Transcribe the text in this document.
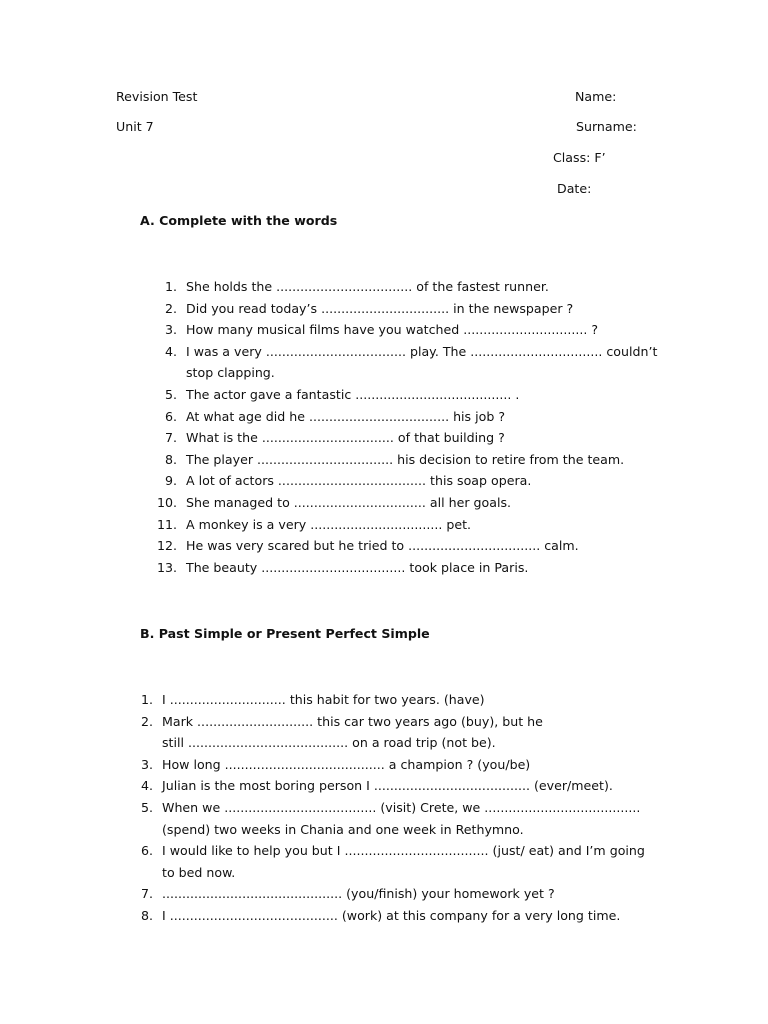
Revision Test
Unit 7
Name:
Surname:
Class: F’
Date:
A. Complete with the words
1. She holds the .................................. of the fastest runner.
2. Did you read today’s ................................ in the newspaper ?
3. How many musical films have you watched ............................... ?
4. I was a very ................................... play. The ................................. couldn’t
stop clapping.
5. The actor gave a fantastic ....................................... .
6. At what age did he ................................... his job ?
7. What is the ................................. of that building ?
8. The player .................................. his decision to retire from the team.
9. A lot of actors ..................................... this soap opera.
10. She managed to ................................. all her goals.
11. A monkey is a very ................................. pet.
12. He was very scared but he tried to ................................. calm.
13. The beauty .................................... took place in Paris.
B. Past Simple or Present Perfect Simple
1. I ............................. this habit for two years. (have)
2. Mark ............................. this car two years ago (buy), but he
still ........................................ on a road trip (not be).
3. How long ........................................ a champion ? (you/be)
4. Julian is the most boring person I ....................................... (ever/meet).
5. When we ...................................... (visit) Crete, we .......................................
(spend) two weeks in Chania and one week in Rethymno.
6. I would like to help you but I .................................... (just/ eat) and I’m going
to bed now.
7. ............................................. (you/finish) your homework yet ?
8. I .......................................... (work) at this company for a very long time.
